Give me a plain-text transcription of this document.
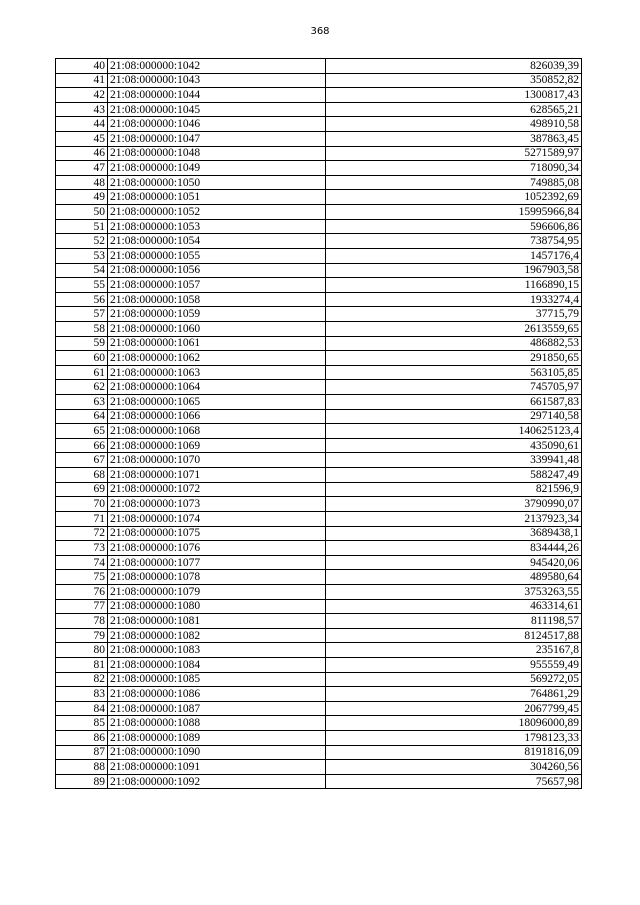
368
40	21:08:000000:1042	826039,39
41	21:08:000000:1043	350852,82
42	21:08:000000:1044	1300817,43
43	21:08:000000:1045	628565,21
44	21:08:000000:1046	498910,58
45	21:08:000000:1047	387863,45
46	21:08:000000:1048	5271589,97
47	21:08:000000:1049	718090,34
48	21:08:000000:1050	749885,08
49	21:08:000000:1051	1052392,69
50	21:08:000000:1052	15995966,84
51	21:08:000000:1053	596606,86
52	21:08:000000:1054	738754,95
53	21:08:000000:1055	1457176,4
54	21:08:000000:1056	1967903,58
55	21:08:000000:1057	1166890,15
56	21:08:000000:1058	1933274,4
57	21:08:000000:1059	37715,79
58	21:08:000000:1060	2613559,65
59	21:08:000000:1061	486882,53
60	21:08:000000:1062	291850,65
61	21:08:000000:1063	563105,85
62	21:08:000000:1064	745705,97
63	21:08:000000:1065	661587,83
64	21:08:000000:1066	297140,58
65	21:08:000000:1068	140625123,4
66	21:08:000000:1069	435090,61
67	21:08:000000:1070	339941,48
68	21:08:000000:1071	588247,49
69	21:08:000000:1072	821596,9
70	21:08:000000:1073	3790990,07
71	21:08:000000:1074	2137923,34
72	21:08:000000:1075	3689438,1
73	21:08:000000:1076	834444,26
74	21:08:000000:1077	945420,06
75	21:08:000000:1078	489580,64
76	21:08:000000:1079	3753263,55
77	21:08:000000:1080	463314,61
78	21:08:000000:1081	811198,57
79	21:08:000000:1082	8124517,88
80	21:08:000000:1083	235167,8
81	21:08:000000:1084	955559,49
82	21:08:000000:1085	569272,05
83	21:08:000000:1086	764861,29
84	21:08:000000:1087	2067799,45
85	21:08:000000:1088	18096000,89
86	21:08:000000:1089	1798123,33
87	21:08:000000:1090	8191816,09
88	21:08:000000:1091	304260,56
89	21:08:000000:1092	75657,98
